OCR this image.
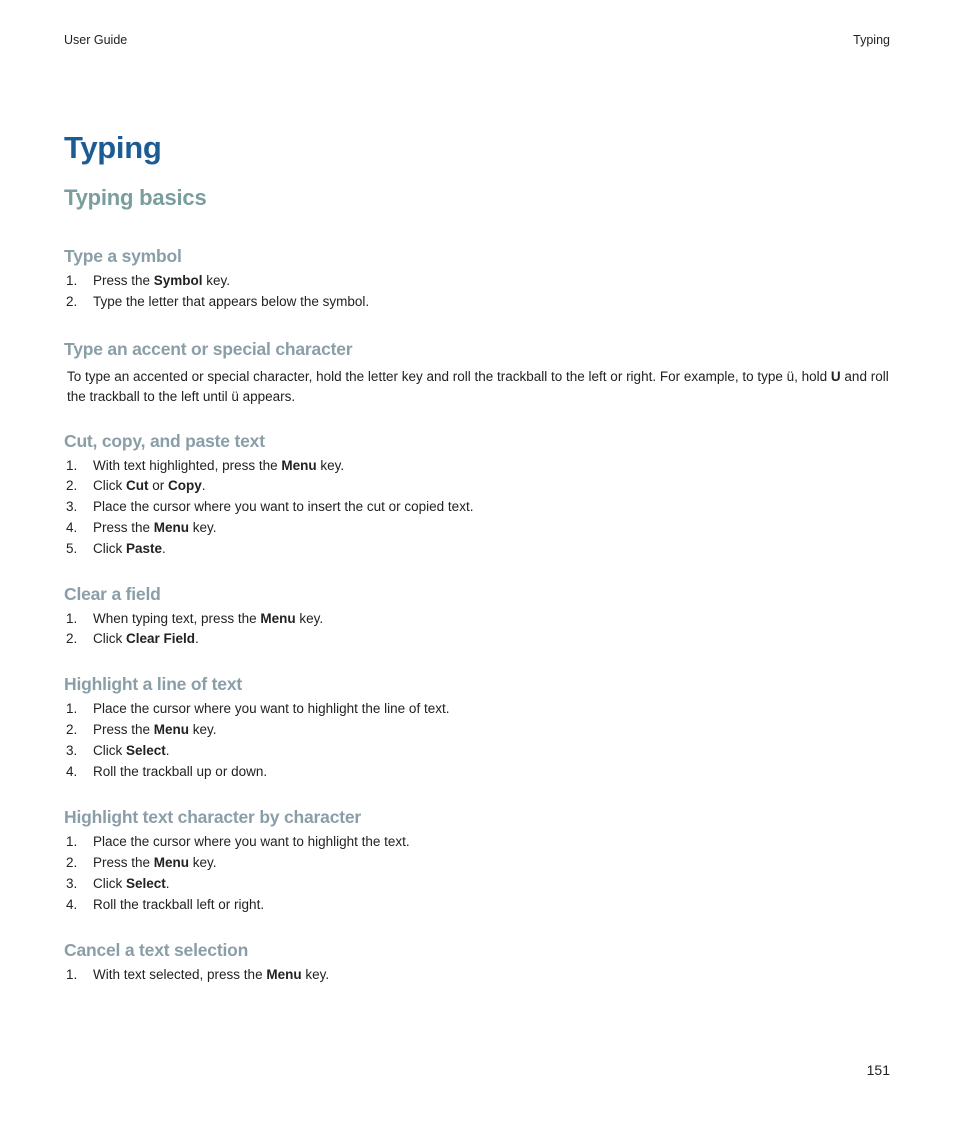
User Guide	Typing
Typing
Typing basics
Type a symbol
1. Press the Symbol key.
2. Type the letter that appears below the symbol.
Type an accent or special character

To type an accented or special character, hold the letter key and roll the trackball to the left or right. For example, to type ü, hold U and roll the trackball to the left until ü appears.

Cut, copy, and paste text
1. With text highlighted, press the Menu key.
2. Click Cut or Copy.
3. Place the cursor where you want to insert the cut or copied text.
4. Press the Menu key.
5. Click Paste.
Clear a field
1. When typing text, press the Menu key.
2. Click Clear Field.
Highlight a line of text
1. Place the cursor where you want to highlight the line of text.
2. Press the Menu key.
3. Click Select.
4. Roll the trackball up or down.
Highlight text character by character
1. Place the cursor where you want to highlight the text.
2. Press the Menu key.
3. Click Select.
4. Roll the trackball left or right.
Cancel a text selection
1. With text selected, press the Menu key.
151
